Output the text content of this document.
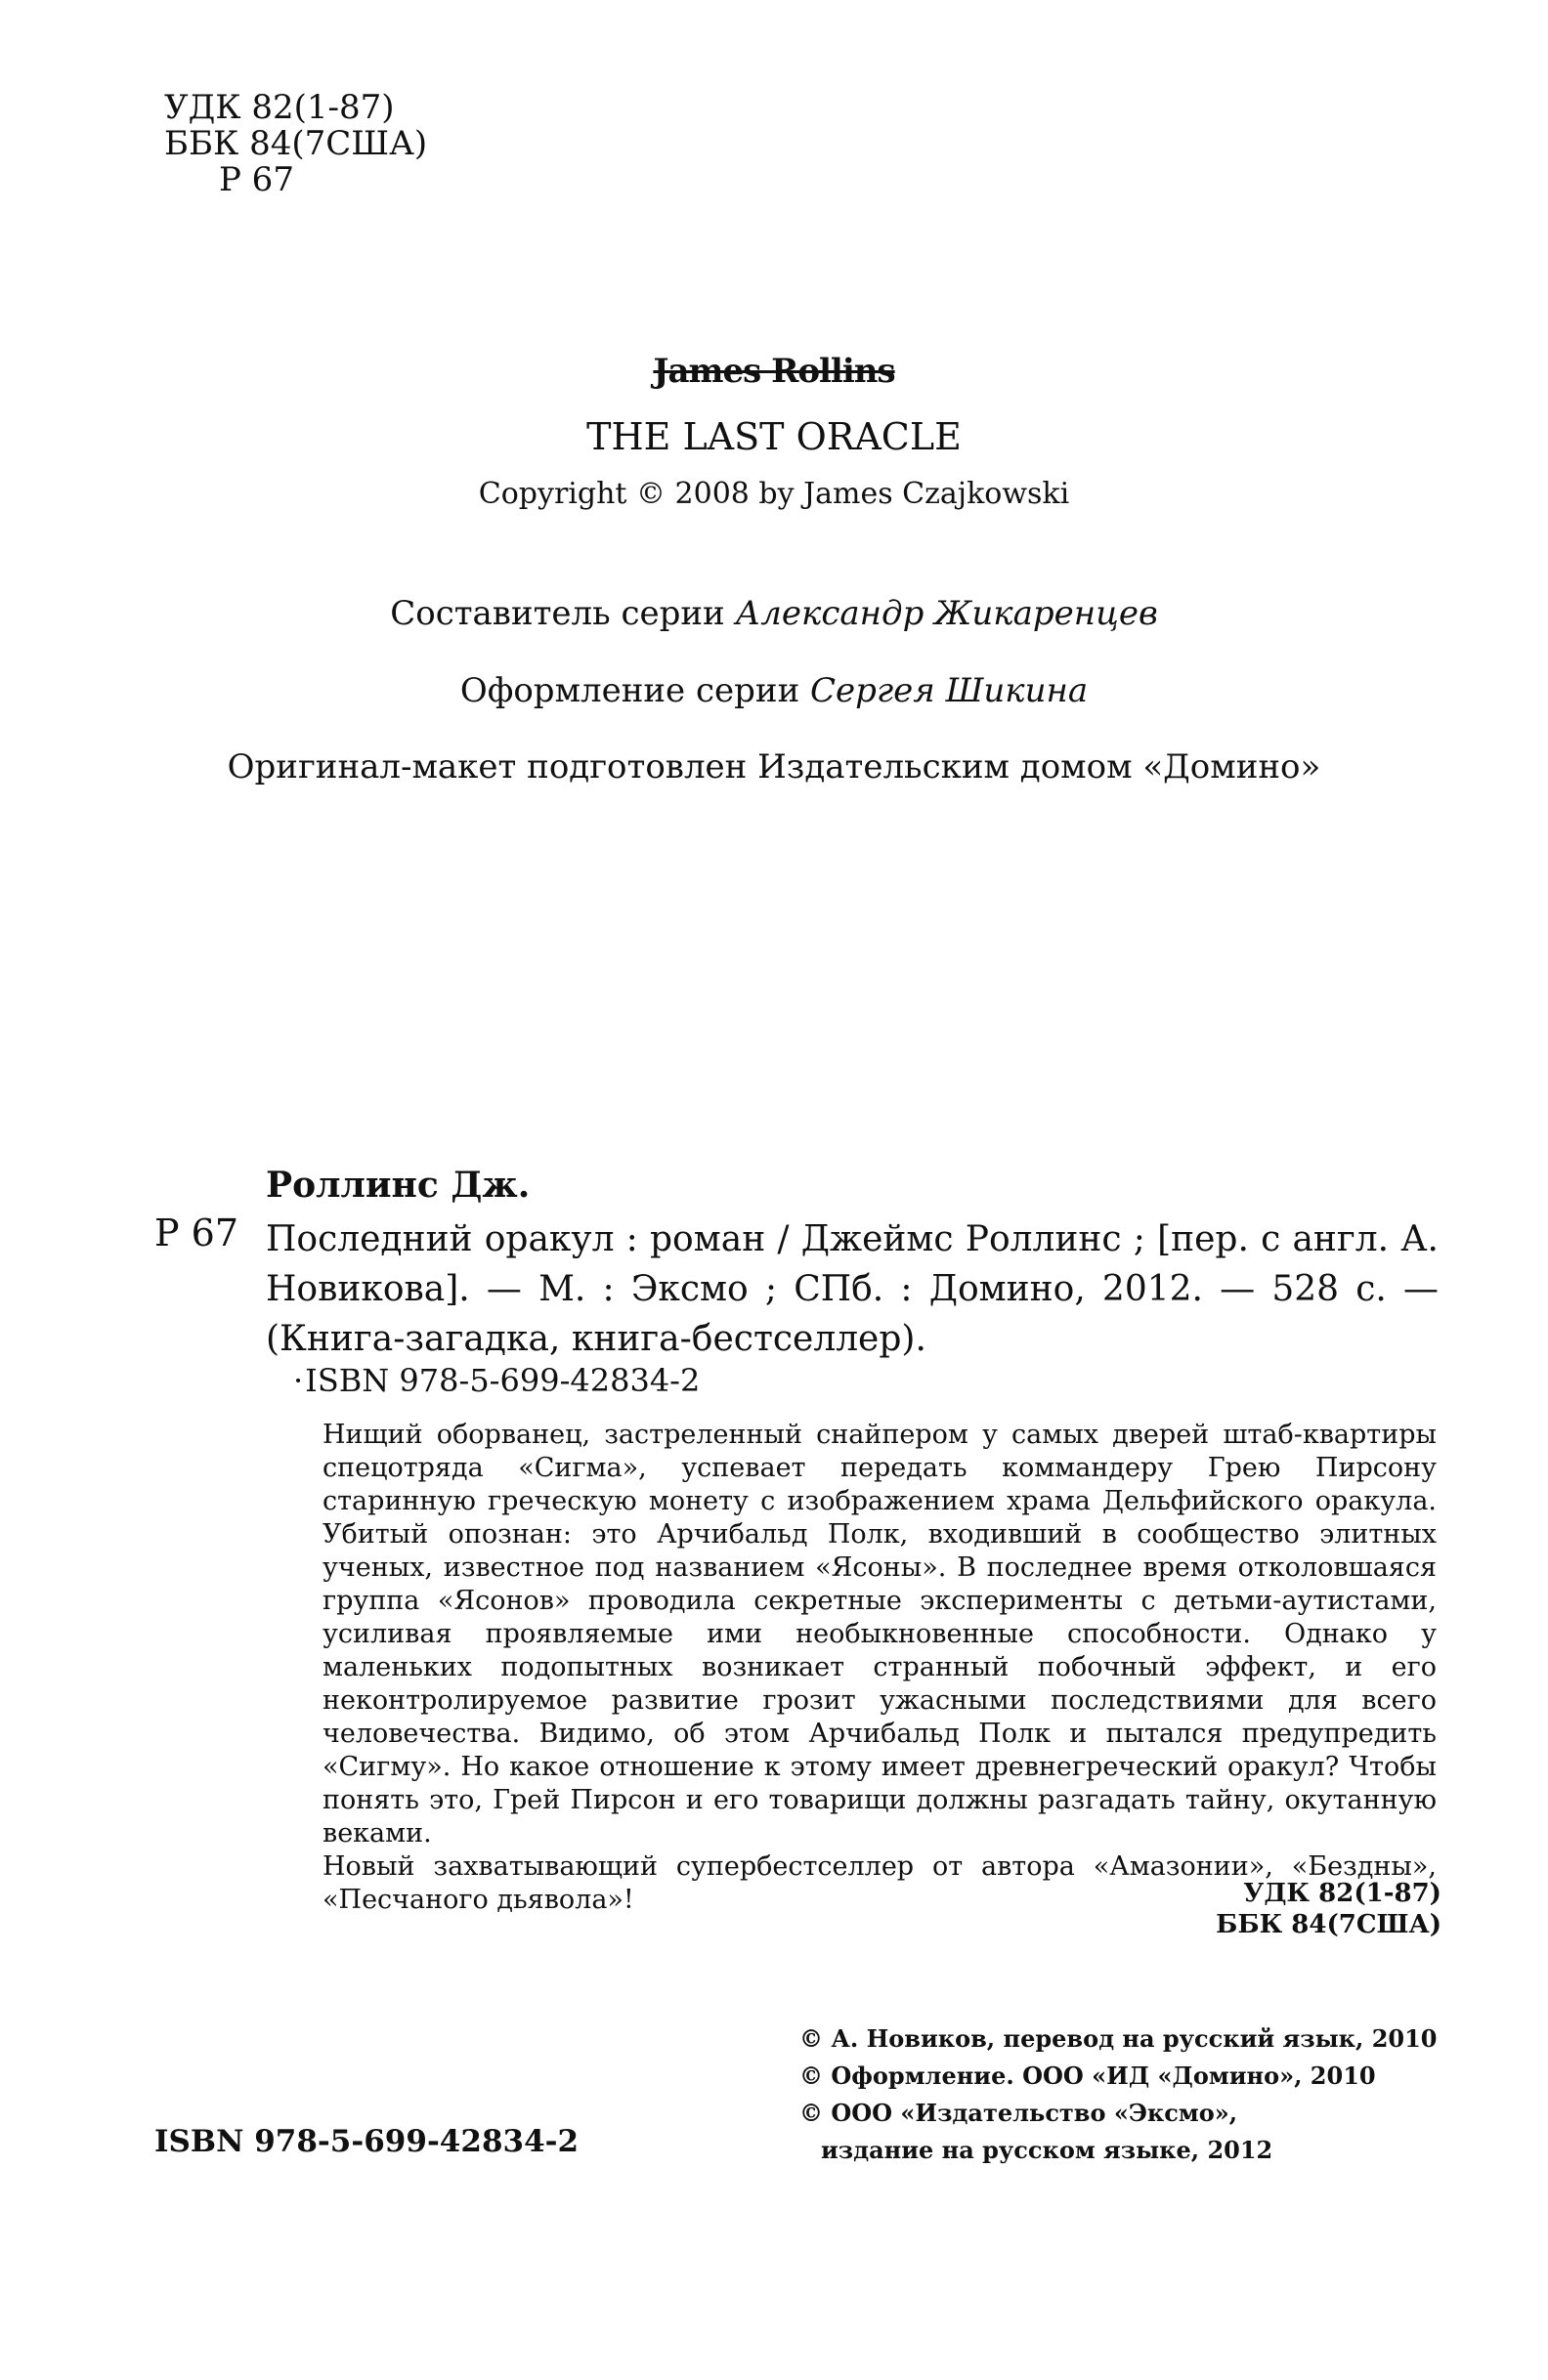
УДК 82(1-87)
ББК 84(7США)
Р 67
James Rollins
THE LAST ORACLE
Copyright © 2008 by James Czajkowski
Составитель серии Александр Жикаренцев
Оформление серии Сергея Шикина
Оригинал-макет подготовлен Издательским домом «Домино»
Роллинс Дж.
Р 67 Последний оракул : роман / Джеймс Роллинс ; [пер. с англ. А. Новикова]. — М. : Эксмо ; СПб. : Домино, 2012. — 528 с. — (Книга-загадка, книга-бестселлер).
· ISBN 978-5-699-42834-2

Нищий оборванец, застреленный снайпером у самых дверей штаб-квартиры спецотряда «Сигма», успевает передать коммандеру Грею Пирсону старинную греческую монету с изображением храма Дельфийского оракула. Убитый опознан: это Арчибальд Полк, входивший в сообщество элитных ученых, известное под названием «Ясоны». В последнее время отколовшаяся группа «Ясонов» проводила секретные эксперименты с детьми-аутистами, усиливая проявляемые ими необыкновенные способности. Однако у маленьких подопытных возникает странный побочный эффект, и его неконтролируемое развитие грозит ужасными последствиями для всего человечества. Видимо, об этом Арчибальд Полк и пытался предупредить «Сигму». Но какое отношение к этому имеет древнегреческий оракул? Чтобы понять это, Грей Пирсон и его товарищи должны разгадать тайну, окутанную веками.

Новый захватывающий супербестселлер от автора «Амазонии», «Бездны», «Песчаного дьявола»!	УДК 82(1-87)
ББК 84(7США)
© А. Новиков, перевод на русский язык, 2010
© Оформление. ООО «ИД «Домино», 2010
© ООО «Издательство «Эксмо»,
издание на русском языке, 2012
ISBN 978-5-699-42834-2
